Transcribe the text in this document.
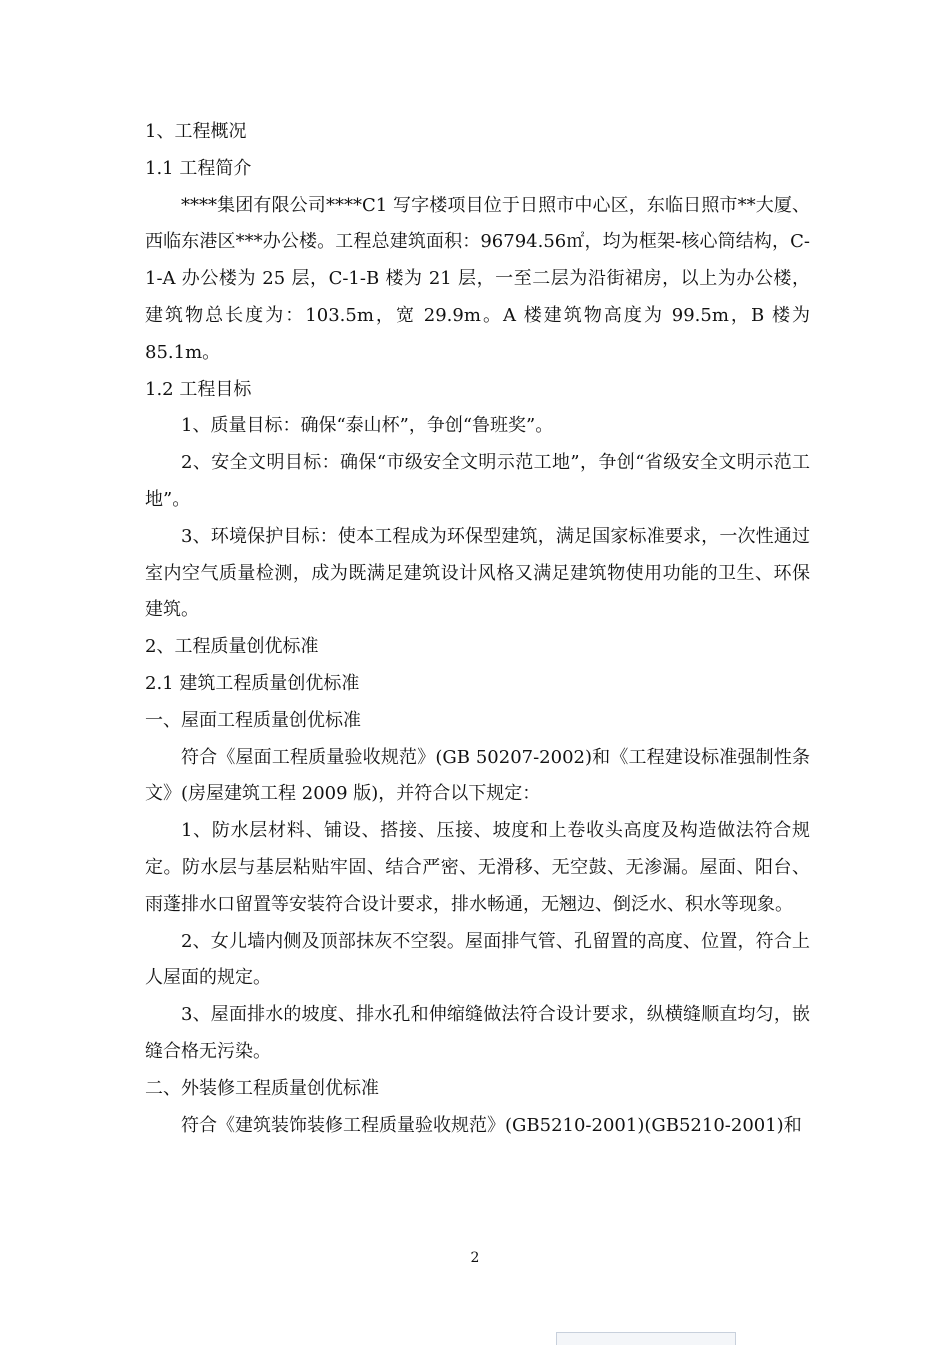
1、工程概况

1.1 工程简介

****集团有限公司****C1 写字楼项目位于日照市中心区，东临日照市**大厦、西临东港区***办公楼。工程总建筑面积：96794.56㎡，均为框架-核心筒结构，C-1-A 办公楼为 25 层，C-1-B 楼为 21 层，一至二层为沿街裙房，以上为办公楼，建筑物总长度为：103.5m，宽 29.9m。A 楼建筑物高度为 99.5m，B 楼为 85.1m。

1.2 工程目标

1、质量目标：确保“泰山杯”，争创“鲁班奖”。

2、安全文明目标：确保“市级安全文明示范工地”，争创“省级安全文明示范工地”。

3、环境保护目标：使本工程成为环保型建筑，满足国家标准要求，一次性通过室内空气质量检测，成为既满足建筑设计风格又满足建筑物使用功能的卫生、环保建筑。

2、工程质量创优标准

2.1 建筑工程质量创优标准

一、屋面工程质量创优标准

符合《屋面工程质量验收规范》(GB 50207-2002)和《工程建设标准强制性条文》(房屋建筑工程 2009 版)，并符合以下规定：

1、防水层材料、铺设、搭接、压接、坡度和上卷收头高度及构造做法符合规定。防水层与基层粘贴牢固、结合严密、无滑移、无空鼓、无渗漏。屋面、阳台、雨蓬排水口留置等安装符合设计要求，排水畅通，无翘边、倒泛水、积水等现象。

2、女儿墙内侧及顶部抹灰不空裂。屋面排气管、孔留置的高度、位置，符合上人屋面的规定。

3、屋面排水的坡度、排水孔和伸缩缝做法符合设计要求，纵横缝顺直均匀，嵌缝合格无污染。

二、外装修工程质量创优标准

符合《建筑装饰装修工程质量验收规范》(GB5210-2001)(GB5210-2001)和

2
